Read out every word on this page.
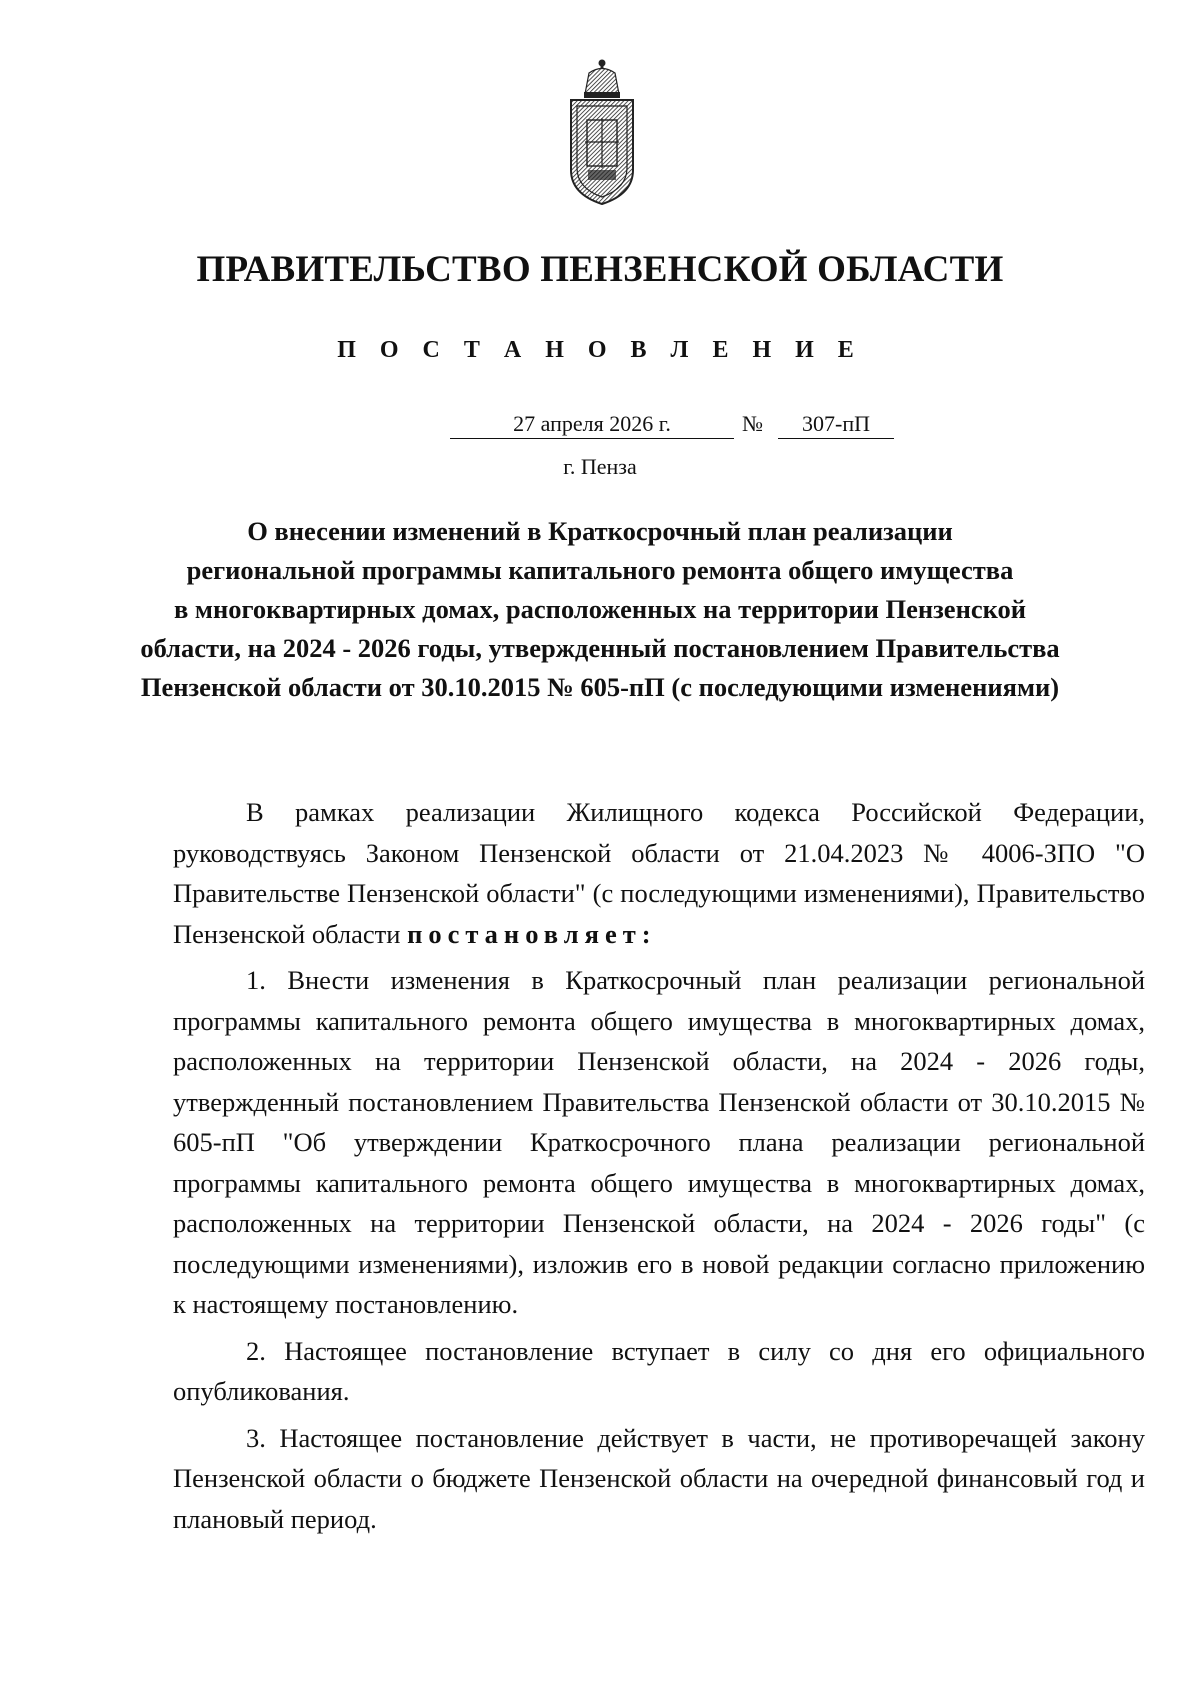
ПРАВИТЕЛЬСТВО ПЕНЗЕНСКОЙ ОБЛАСТИ
П О С Т А Н О В Л Е Н И Е
27 апреля 2026 г.	№	307-пП
г. Пенза
О внесении изменений в Краткосрочный план реализации
региональной программы капитального ремонта общего имущества
в многоквартирных домах, расположенных на территории Пензенской
области, на 2024 - 2026 годы, утвержденный постановлением Правительства
Пензенской области от 30.10.2015 № 605-пП (с последующими изменениями)

В рамках реализации Жилищного кодекса Российской Федерации, руководствуясь Законом Пензенской области от 21.04.2023 № 4006-ЗПО "О Правительстве Пензенской области" (с последующими изменениями), Правительство Пензенской области постановляет:

1. Внести изменения в Краткосрочный план реализации региональной программы капитального ремонта общего имущества в многоквартирных домах, расположенных на территории Пензенской области, на 2024 - 2026 годы, утвержденный постановлением Правительства Пензенской области от 30.10.2015 № 605-пП "Об утверждении Краткосрочного плана реализации региональной программы капитального ремонта общего имущества в многоквартирных домах, расположенных на территории Пензенской области, на 2024 - 2026 годы" (с последующими изменениями), изложив его в новой редакции согласно приложению к настоящему постановлению.

2. Настоящее постановление вступает в силу со дня его официального опубликования.

3. Настоящее постановление действует в части, не противоречащей закону Пензенской области о бюджете Пензенской области на очередной финансовый год и плановый период.
